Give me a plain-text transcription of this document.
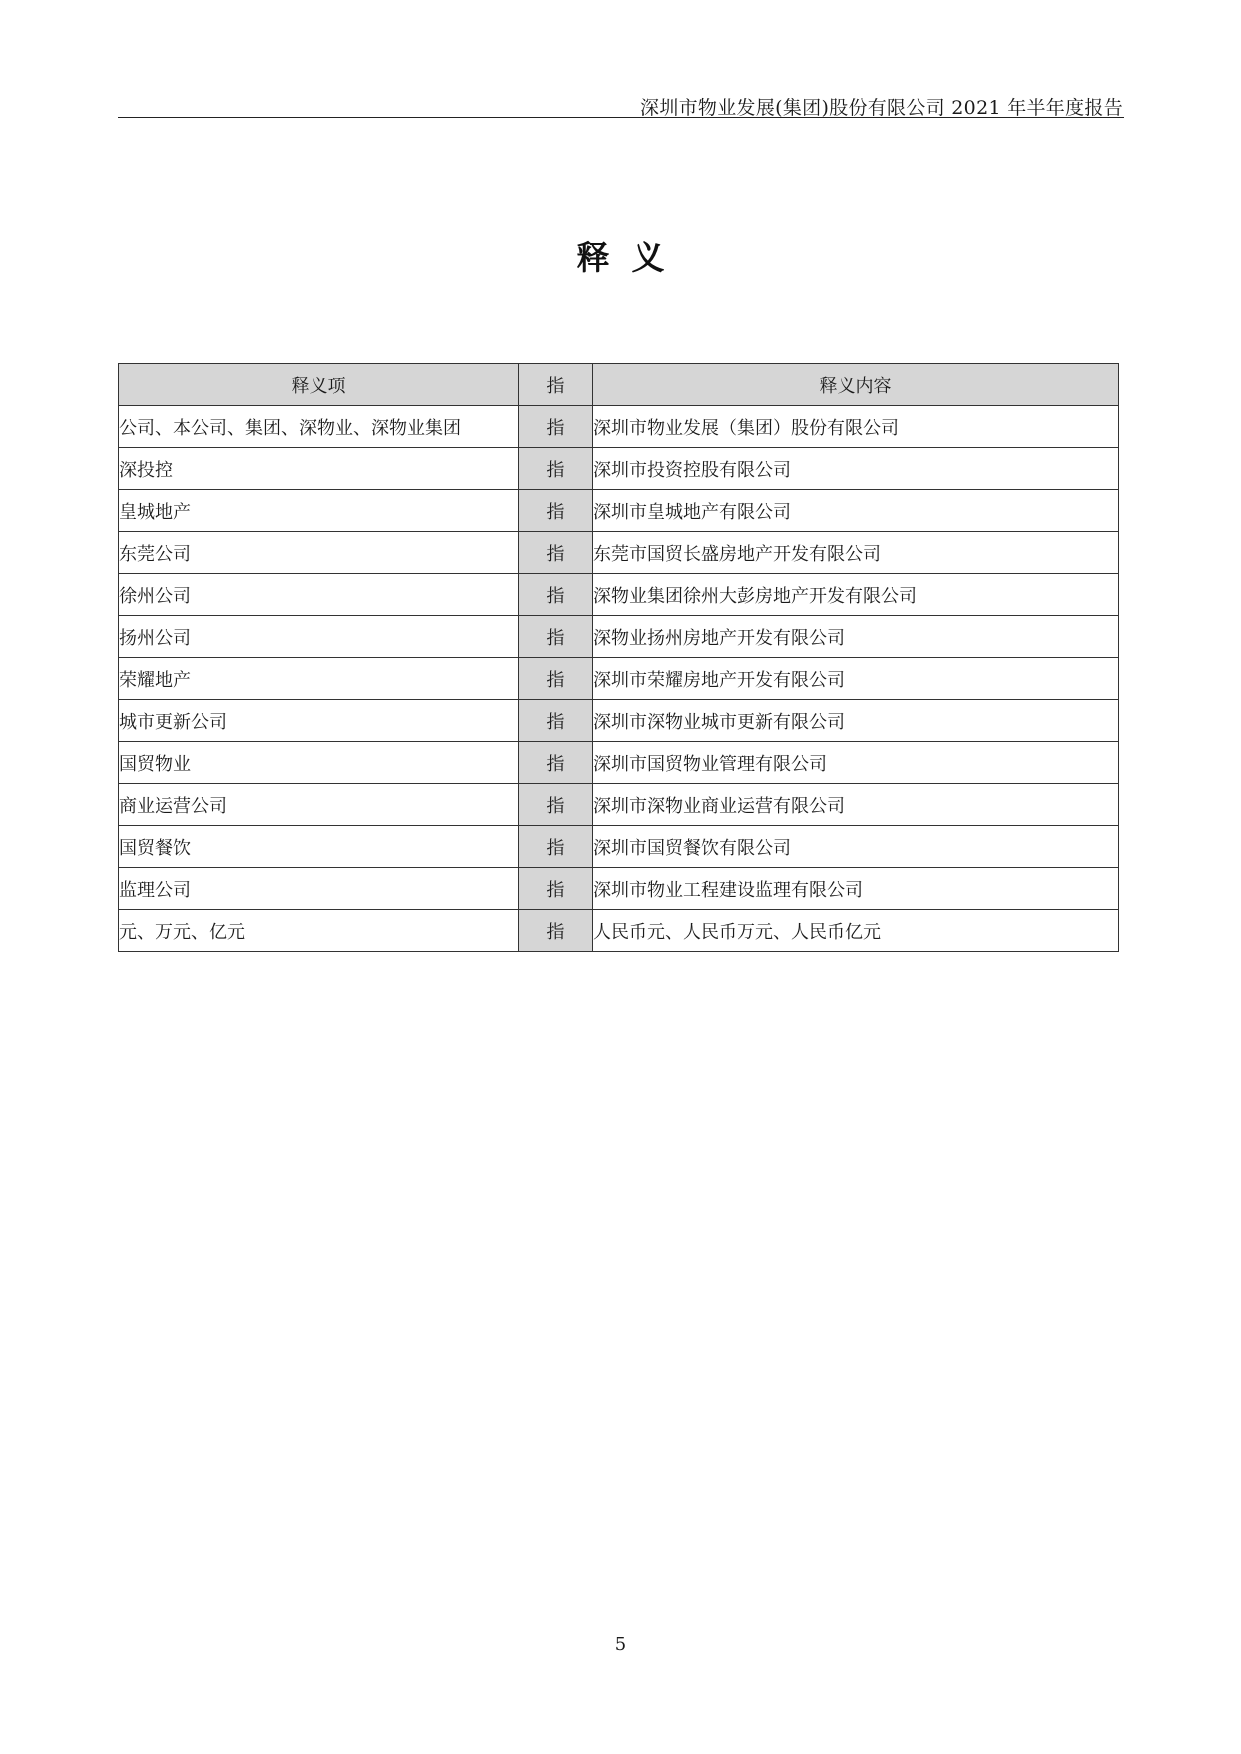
深圳市物业发展(集团)股份有限公司 2021 年半年度报告
释义
释义项	指	释义内容
公司、本公司、集团、深物业、深物业集团	指	深圳市物业发展（集团）股份有限公司
深投控	指	深圳市投资控股有限公司
皇城地产	指	深圳市皇城地产有限公司
东莞公司	指	东莞市国贸长盛房地产开发有限公司
徐州公司	指	深物业集团徐州大彭房地产开发有限公司
扬州公司	指	深物业扬州房地产开发有限公司
荣耀地产	指	深圳市荣耀房地产开发有限公司
城市更新公司	指	深圳市深物业城市更新有限公司
国贸物业	指	深圳市国贸物业管理有限公司
商业运营公司	指	深圳市深物业商业运营有限公司
国贸餐饮	指	深圳市国贸餐饮有限公司
监理公司	指	深圳市物业工程建设监理有限公司
元、万元、亿元	指	人民币元、人民币万元、人民币亿元
5
